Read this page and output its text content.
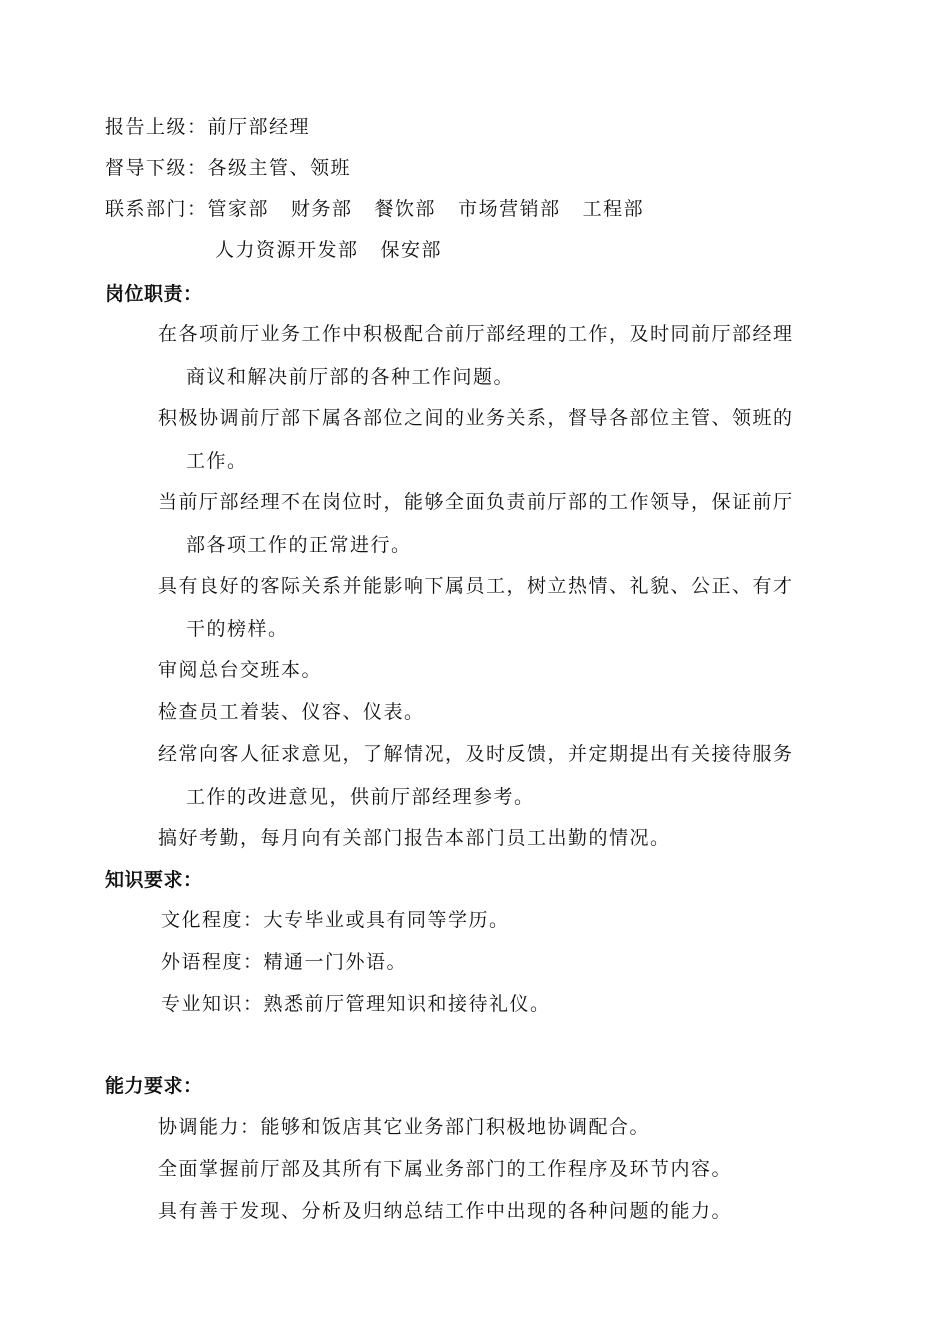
报告上级：前厅部经理
督导下级：各级主管、领班
联系部门：管家部 财务部 餐饮部 市场营销部 工程部
人力资源开发部 保安部
岗位职责：
在各项前厅业务工作中积极配合前厅部经理的工作，及时同前厅部经理
商议和解决前厅部的各种工作问题。
积极协调前厅部下属各部位之间的业务关系，督导各部位主管、领班的
工作。
当前厅部经理不在岗位时，能够全面负责前厅部的工作领导，保证前厅
部各项工作的正常进行。
具有良好的客际关系并能影响下属员工，树立热情、礼貌、公正、有才
干的榜样。
审阅总台交班本。
检查员工着装、仪容、仪表。
经常向客人征求意见，了解情况，及时反馈，并定期提出有关接待服务
工作的改进意见，供前厅部经理参考。
搞好考勤，每月向有关部门报告本部门员工出勤的情况。
知识要求：
文化程度：大专毕业或具有同等学历。
外语程度：精通一门外语。
专业知识：熟悉前厅管理知识和接待礼仪。
能力要求：
协调能力：能够和饭店其它业务部门积极地协调配合。
全面掌握前厅部及其所有下属业务部门的工作程序及环节内容。
具有善于发现、分析及归纳总结工作中出现的各种问题的能力。
